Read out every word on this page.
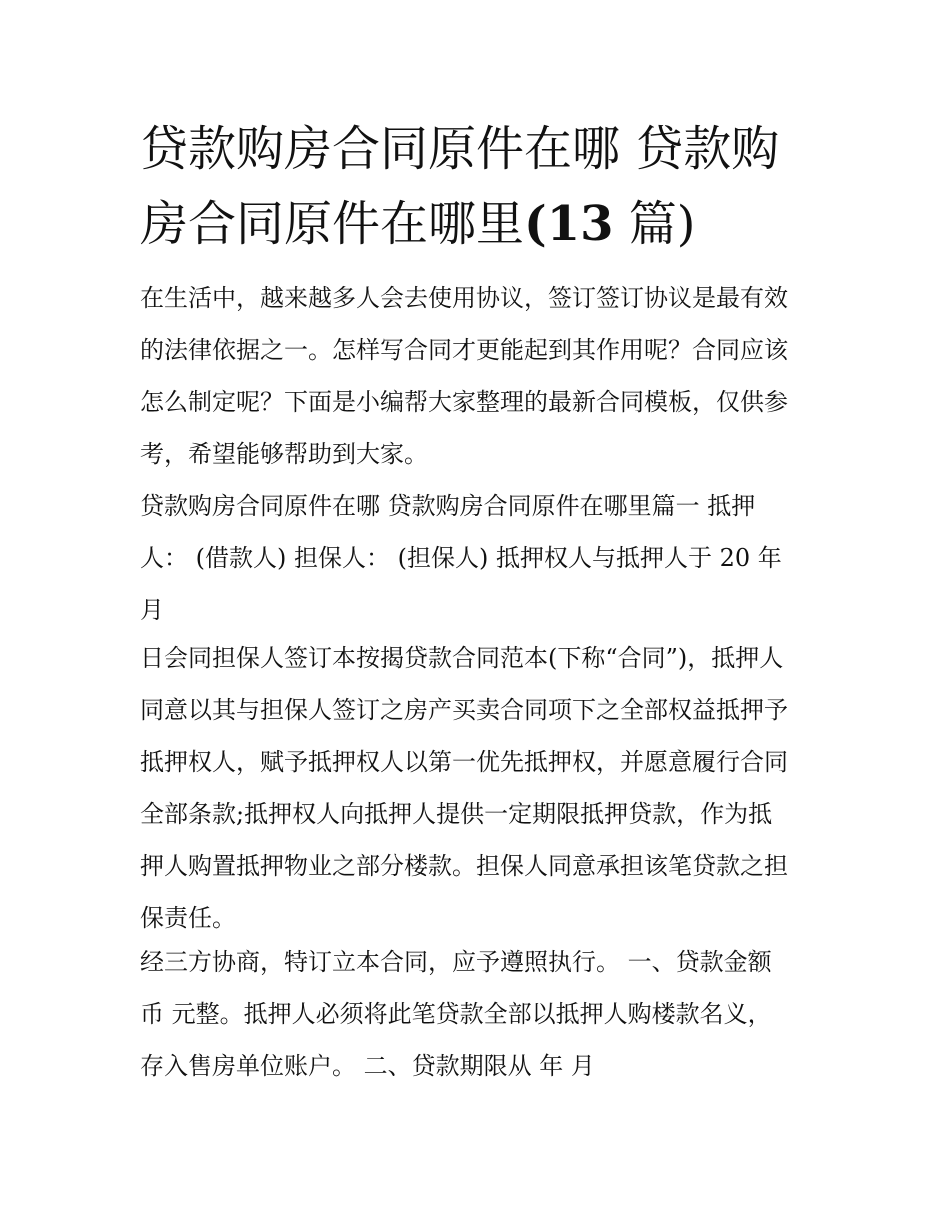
贷款购房合同原件在哪 贷款购
房合同原件在哪里(13 篇)
在生活中，越来越多人会去使用协议，签订签订协议是最有效
的法律依据之一。怎样写合同才更能起到其作用呢？合同应该
怎么制定呢？下面是小编帮大家整理的最新合同模板，仅供参
考，希望能够帮助到大家。
贷款购房合同原件在哪 贷款购房合同原件在哪里篇一 抵押
人： (借款人) 担保人： (担保人) 抵押权人与抵押人于 20 年
月
日会同担保人签订本按揭贷款合同范本(下称“合同”)，抵押人
同意以其与担保人签订之房产买卖合同项下之全部权益抵押予
抵押权人，赋予抵押权人以第一优先抵押权，并愿意履行合同
全部条款;抵押权人向抵押人提供一定期限抵押贷款，作为抵
押人购置抵押物业之部分楼款。担保人同意承担该笔贷款之担
保责任。
经三方协商，特订立本合同，应予遵照执行。 一、贷款金额
币 元整。抵押人必须将此笔贷款全部以抵押人购楼款名义，
存入售房单位账户。 二、贷款期限从 年 月
